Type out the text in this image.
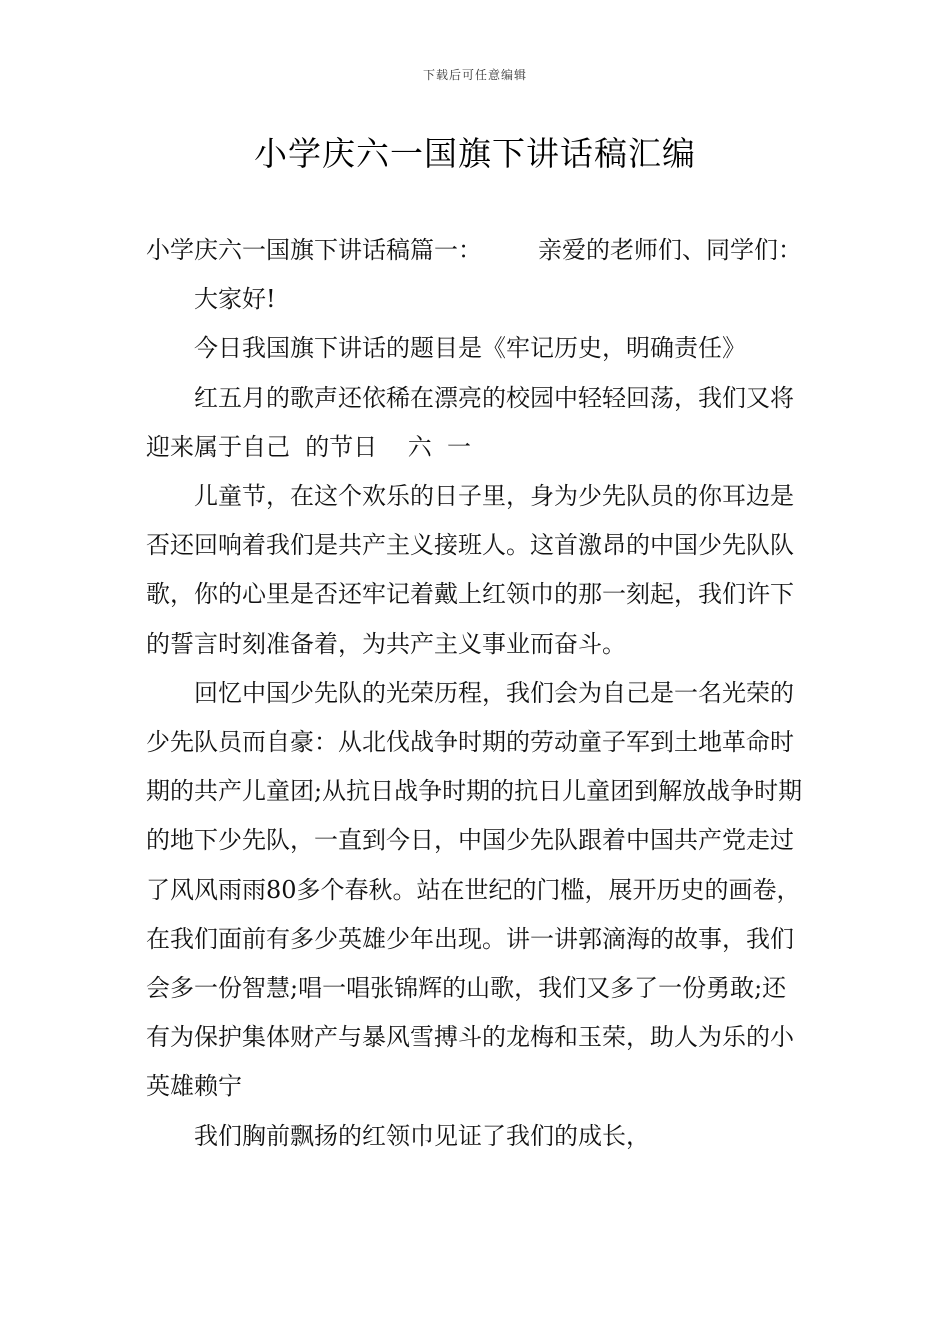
下载后可任意编辑
小学庆六一国旗下讲话稿汇编

小学庆六一国旗下讲话稿篇一： 亲爱的老师们、同学们：

大家好!

今日我国旗下讲话的题目是《牢记历史，明确责任》

红五月的歌声还依稀在漂亮的校园中轻轻回荡，我们又将迎来属于自己  的节日    六  一

儿童节，在这个欢乐的日子里，身为少先队员的你耳边是否还回响着我们是共产主义接班人。这首激昂的中国少先队队歌，你的心里是否还牢记着戴上红领巾的那一刻起，我们许下的誓言时刻准备着，为共产主义事业而奋斗。

回忆中国少先队的光荣历程，我们会为自己是一名光荣的少先队员而自豪：从北伐战争时期的劳动童子军到土地革命时期的共产儿童团;从抗日战争时期的抗日儿童团到解放战争时期的地下少先队，一直到今日，中国少先队跟着中国共产党走过了风风雨雨80多个春秋。站在世纪的门槛，展开历史的画卷，在我们面前有多少英雄少年出现。讲一讲郭滴海的故事，我们会多一份智慧;唱一唱张锦辉的山歌，我们又多了一份勇敢;还有为保护集体财产与暴风雪搏斗的龙梅和玉荣，助人为乐的小英雄赖宁

我们胸前飘扬的红领巾见证了我们的成长，
